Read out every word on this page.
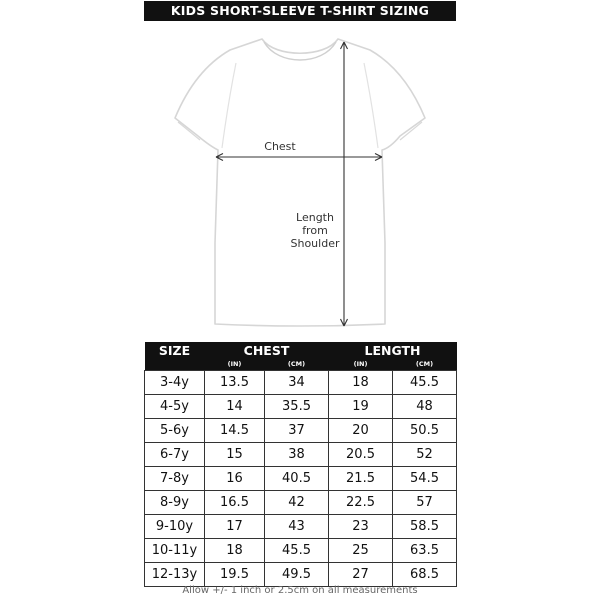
KIDS SHORT-SLEEVE T-SHIRT SIZING
Chest
Length
from
Shoulder
SIZE	CHEST		LENGTH	
	(IN)	(CM)	(IN)	(CM)
3-4y	13.5	34	18	45.5
4-5y	14	35.5	19	48
5-6y	14.5	37	20	50.5
6-7y	15	38	20.5	52
7-8y	16	40.5	21.5	54.5
8-9y	16.5	42	22.5	57
9-10y	17	43	23	58.5
10-11y	18	45.5	25	63.5
12-13y	19.5	49.5	27	68.5
Allow +/- 1 inch or 2.5cm on all measurements
